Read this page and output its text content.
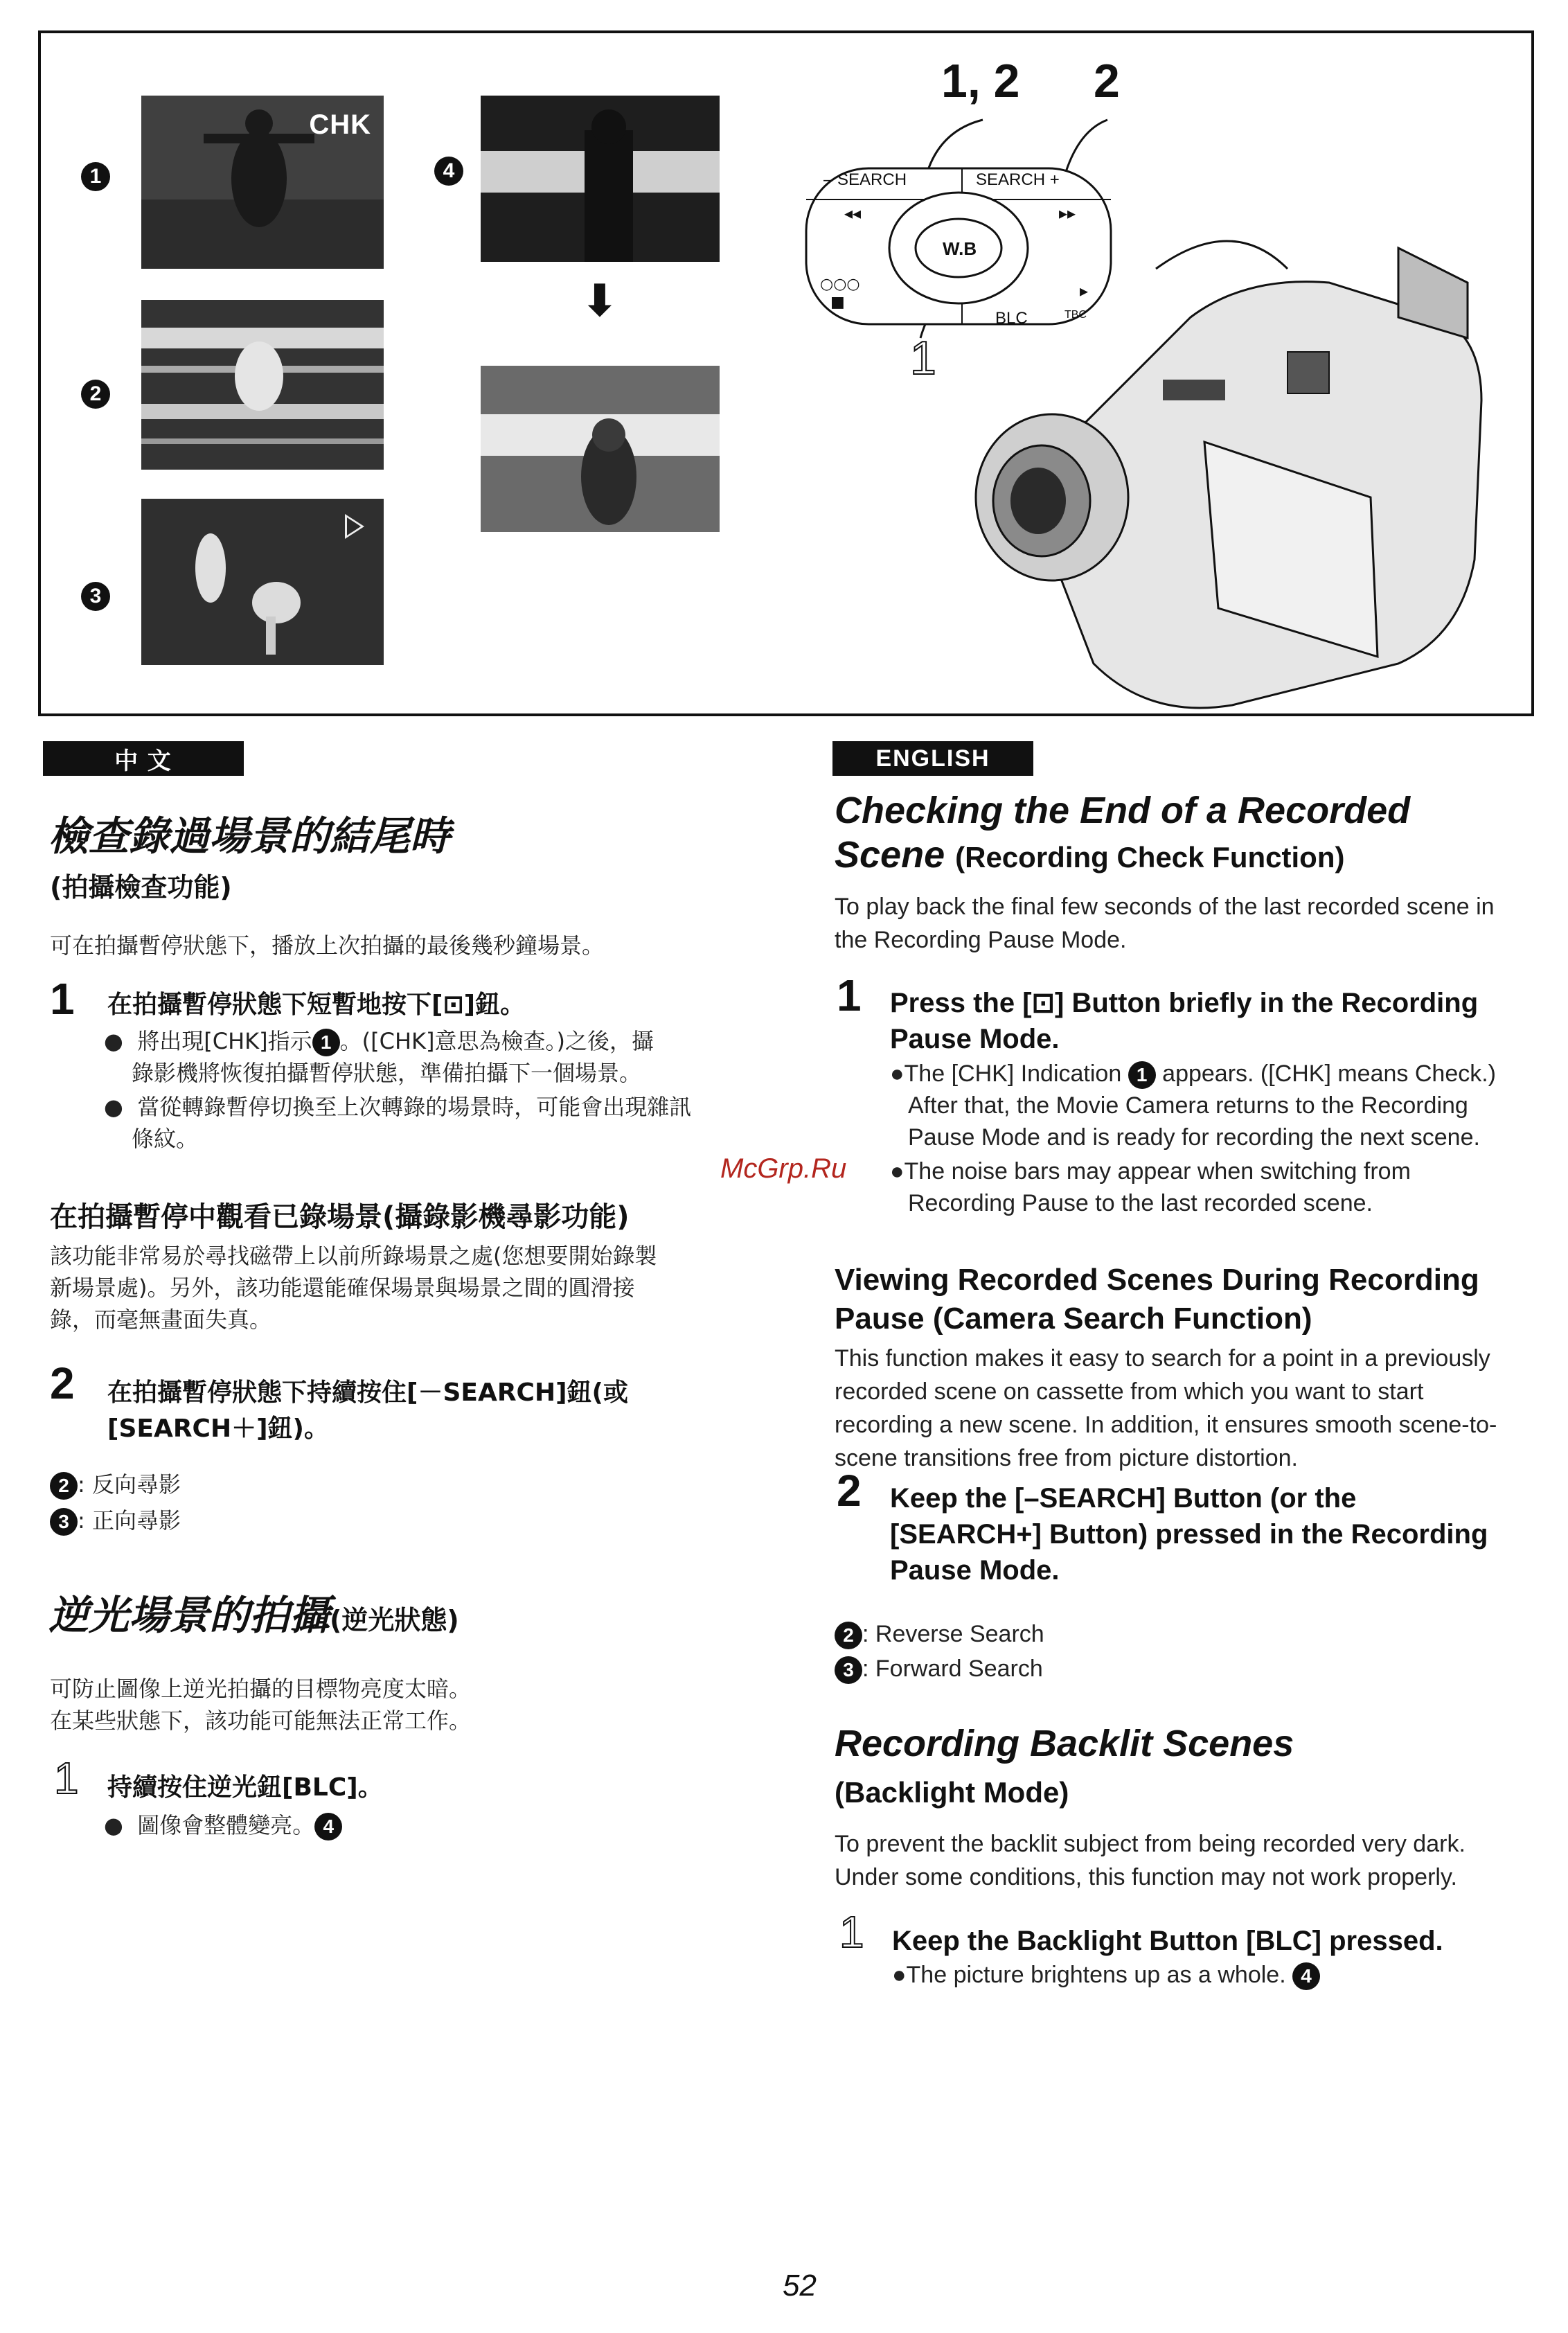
1
CHK
2
3
4
⬇
1, 2 2
1
– SEARCH	SEARCH +
◂◂	▸▸
W.B
○○○
■
▸
BLC	TBC
中 文
檢查錄過場景的結尾時
(拍攝檢查功能)
可在拍攝暫停狀態下，播放上次拍攝的最後幾秒鐘場景。
1 在拍攝暫停狀態下短暫地按下[⊡]鈕。
●  將出現[CHK]指示 1 。([CHK]意思為檢查。)之後，攝
錄影機將恢復拍攝暫停狀態，準備拍攝下一個場景。
●  當從轉錄暫停切換至上次轉錄的場景時，可能會出現雜訊
條紋。
在拍攝暫停中觀看已錄場景(攝錄影機尋影功能)
該功能非常易於尋找磁帶上以前所錄場景之處(您想要開始錄製
新場景處)。另外，該功能還能確保場景與場景之間的圓滑接
錄，而毫無畫面失真。
2 在拍攝暫停狀態下持續按住[－SEARCH]鈕(或
[SEARCH＋]鈕)。
2 : 反向尋影
3 : 正向尋影
逆光場景的拍攝(逆光狀態)
可防止圖像上逆光拍攝的目標物亮度太暗。
在某些狀態下，該功能可能無法正常工作。
1 持續按住逆光鈕[BLC]。
●  圖像會整體變亮。 4
ENGLISH
Checking the End of a Recorded
Scene (Recording Check Function)
To play back the final few seconds of the last recorded scene in
the Recording Pause Mode.
1 Press the [⊡] Button briefly in the Recording
Pause Mode.
●The [CHK] Indication 1 appears. ([CHK] means Check.)
After that, the Movie Camera returns to the Recording
Pause Mode and is ready for recording the next scene.
●The noise bars may appear when switching from
Recording Pause to the last recorded scene.
Viewing Recorded Scenes During Recording
Pause (Camera Search Function)
This function makes it easy to search for a point in a previously
recorded scene on cassette from which you want to start
recording a new scene. In addition, it ensures smooth scene-to-
scene transitions free from picture distortion.
2 Keep the [–SEARCH] Button (or the
[SEARCH+] Button) pressed in the Recording
Pause Mode.
2 : Reverse Search
3 : Forward Search
Recording Backlit Scenes
(Backlight Mode)
To prevent the backlit subject from being recorded very dark.
Under some conditions, this function may not work properly.
1 Keep the Backlight Button [BLC] pressed.
●The picture brightens up as a whole. 4
McGrp.Ru
52
